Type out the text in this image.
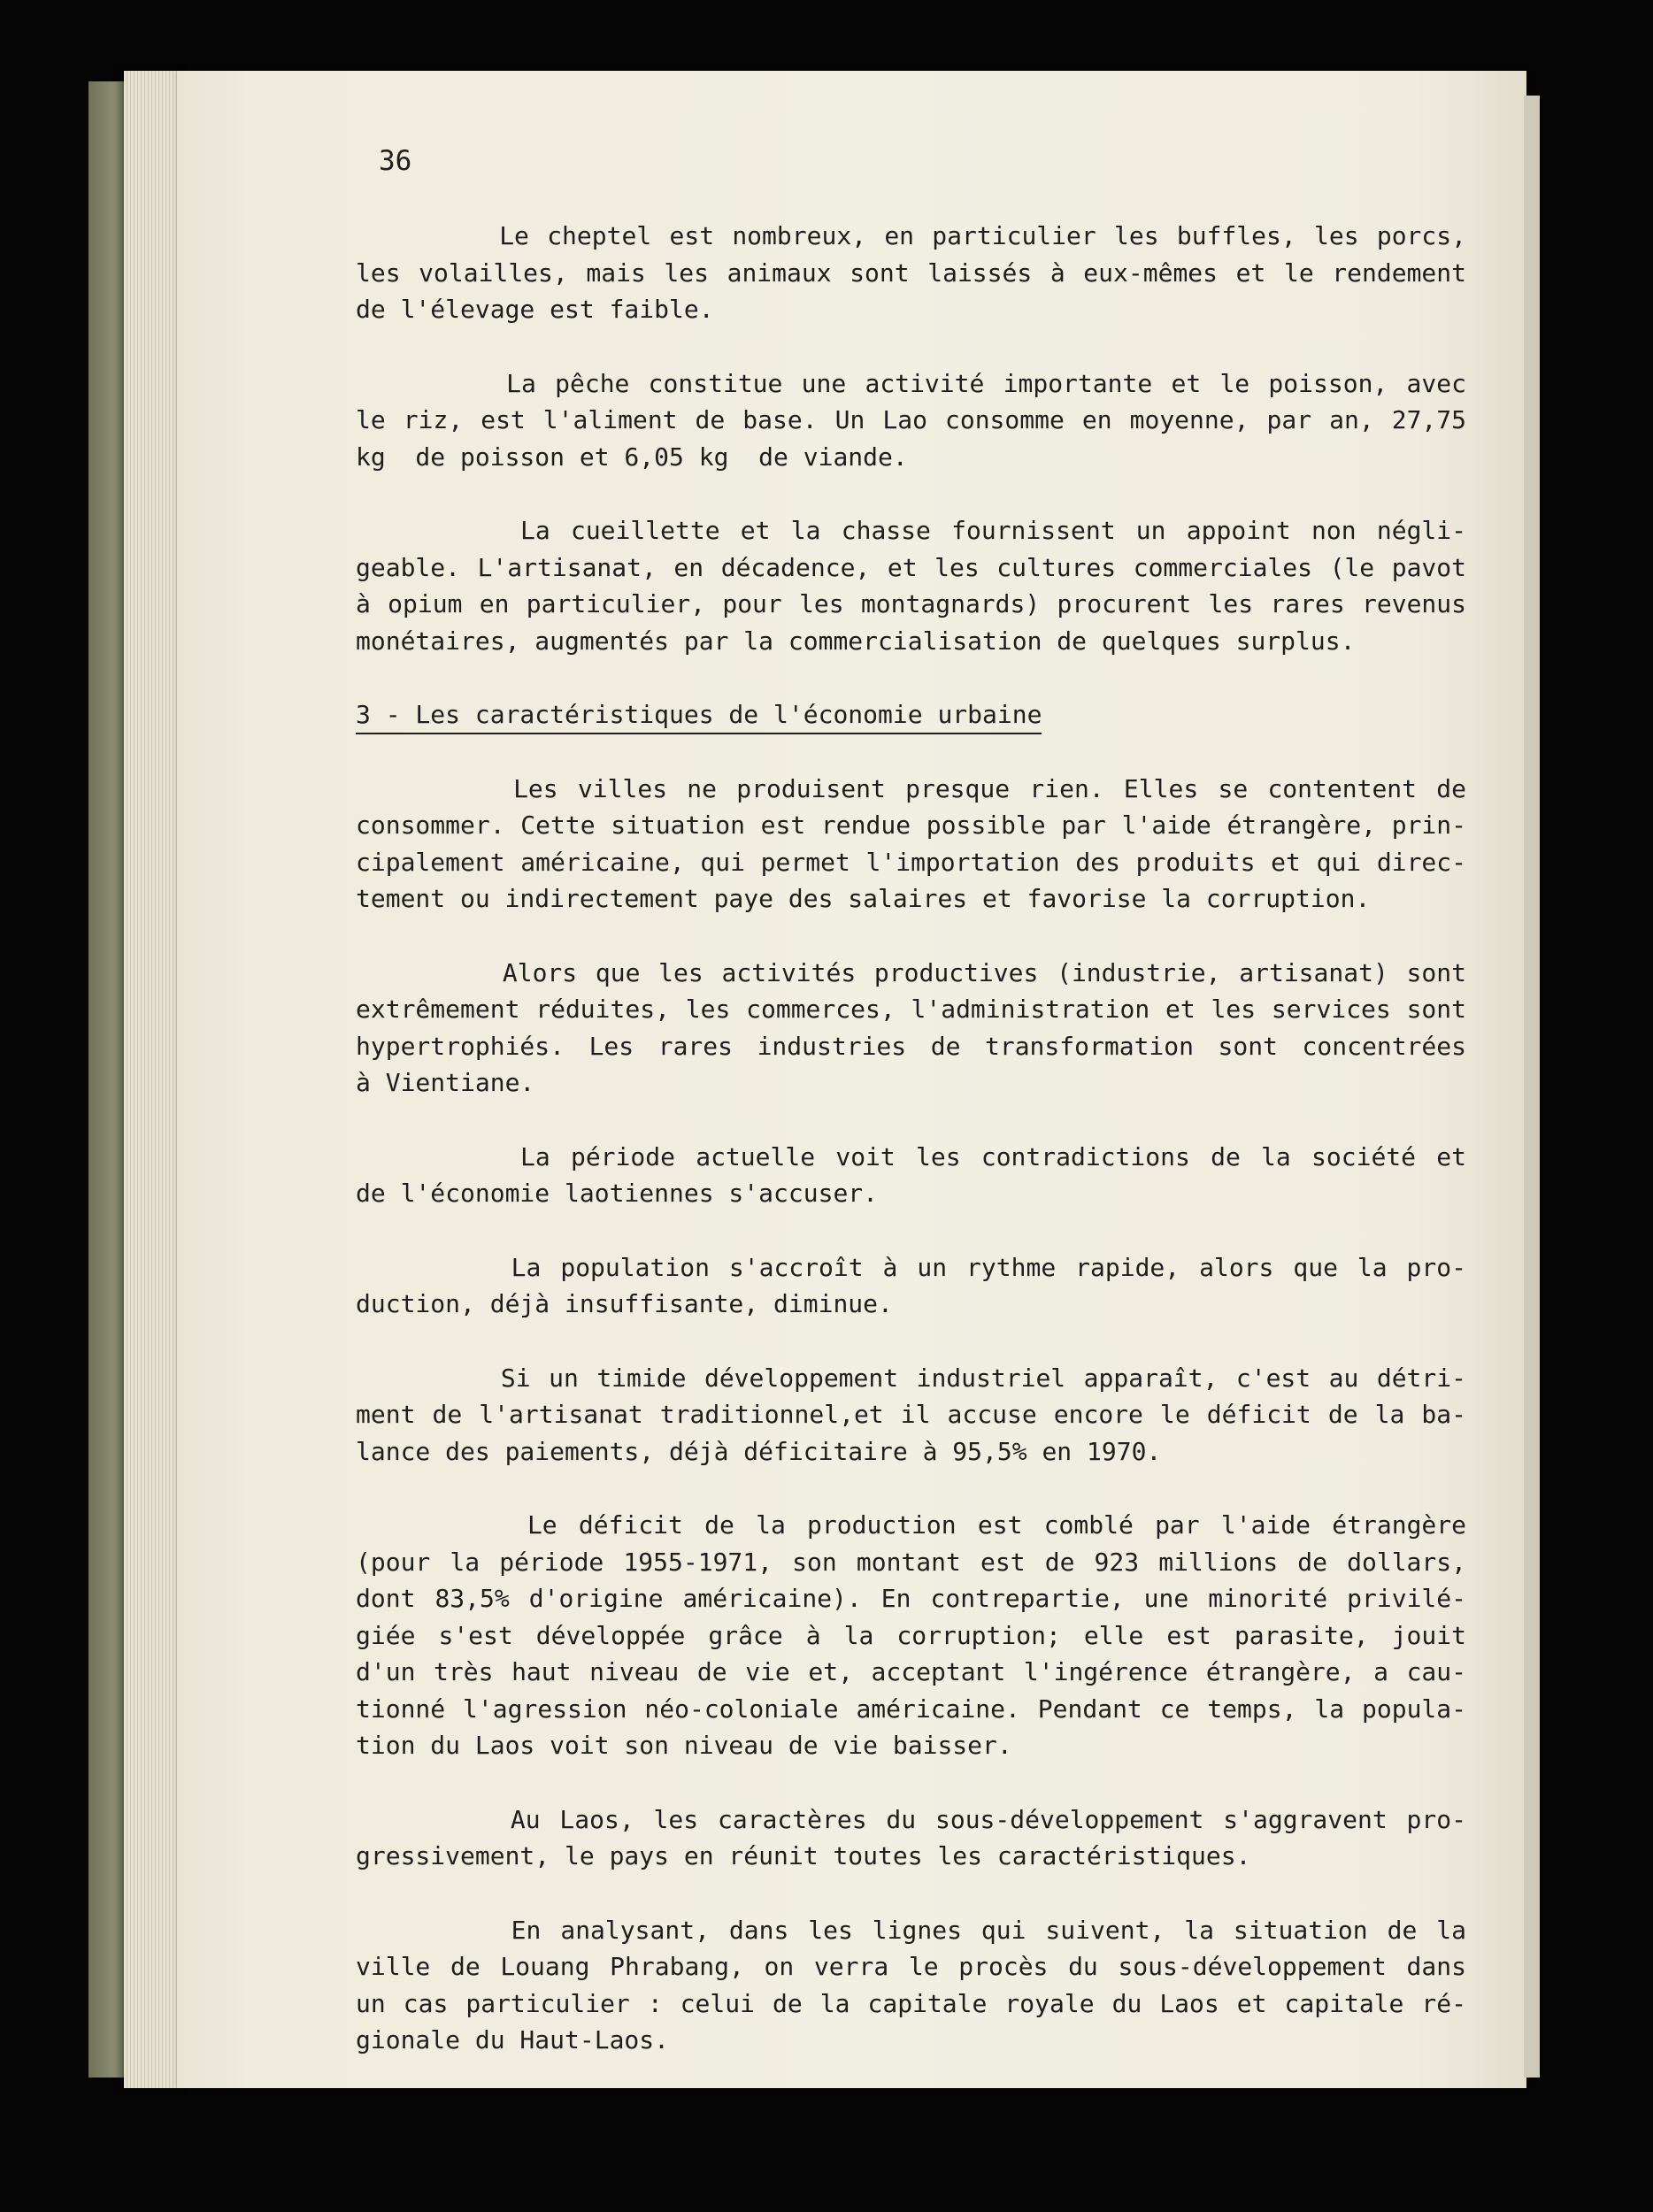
36
Le cheptel est nombreux, en particulier les buffles, les porcs,
les volailles, mais les animaux sont laissés à eux-mêmes et le rendement
de l'élevage est faible.
La pêche constitue une activité importante et le poisson, avec
le riz, est l'aliment de base. Un Lao consomme en moyenne, par an, 27,75
kg  de poisson et 6,05 kg  de viande.
La cueillette et la chasse fournissent un appoint non négli-
geable. L'artisanat, en décadence, et les cultures commerciales (le pavot
à opium en particulier, pour les montagnards) procurent les rares revenus
monétaires, augmentés par la commercialisation de quelques surplus.
3 - Les caractéristiques de l'économie urbaine
Les villes ne produisent presque rien. Elles se contentent de
consommer. Cette situation est rendue possible par l'aide étrangère, prin-
cipalement américaine, qui permet l'importation des produits et qui direc-
tement ou indirectement paye des salaires et favorise la corruption.
Alors que les activités productives (industrie, artisanat) sont
extrêmement réduites, les commerces, l'administration et les services sont
hypertrophiés. Les rares industries de transformation sont concentrées
à Vientiane.
La période actuelle voit les contradictions de la société et
de l'économie laotiennes s'accuser.
La population s'accroît à un rythme rapide, alors que la pro-
duction, déjà insuffisante, diminue.
Si un timide développement industriel apparaît, c'est au détri-
ment de l'artisanat traditionnel,et il accuse encore le déficit de la ba-
lance des paiements, déjà déficitaire à 95,5% en 1970.
Le déficit de la production est comblé par l'aide étrangère
(pour la période 1955-1971, son montant est de 923 millions de dollars,
dont 83,5% d'origine américaine). En contrepartie, une minorité privilé-
giée s'est développée grâce à la corruption; elle est parasite, jouit
d'un très haut niveau de vie et, acceptant l'ingérence étrangère, a cau-
tionné l'agression néo-coloniale américaine. Pendant ce temps, la popula-
tion du Laos voit son niveau de vie baisser.
Au Laos, les caractères du sous-développement s'aggravent pro-
gressivement, le pays en réunit toutes les caractéristiques.
En analysant, dans les lignes qui suivent, la situation de la
ville de Louang Phrabang, on verra le procès du sous-développement dans
un cas particulier : celui de la capitale royale du Laos et capitale ré-
gionale du Haut-Laos.
